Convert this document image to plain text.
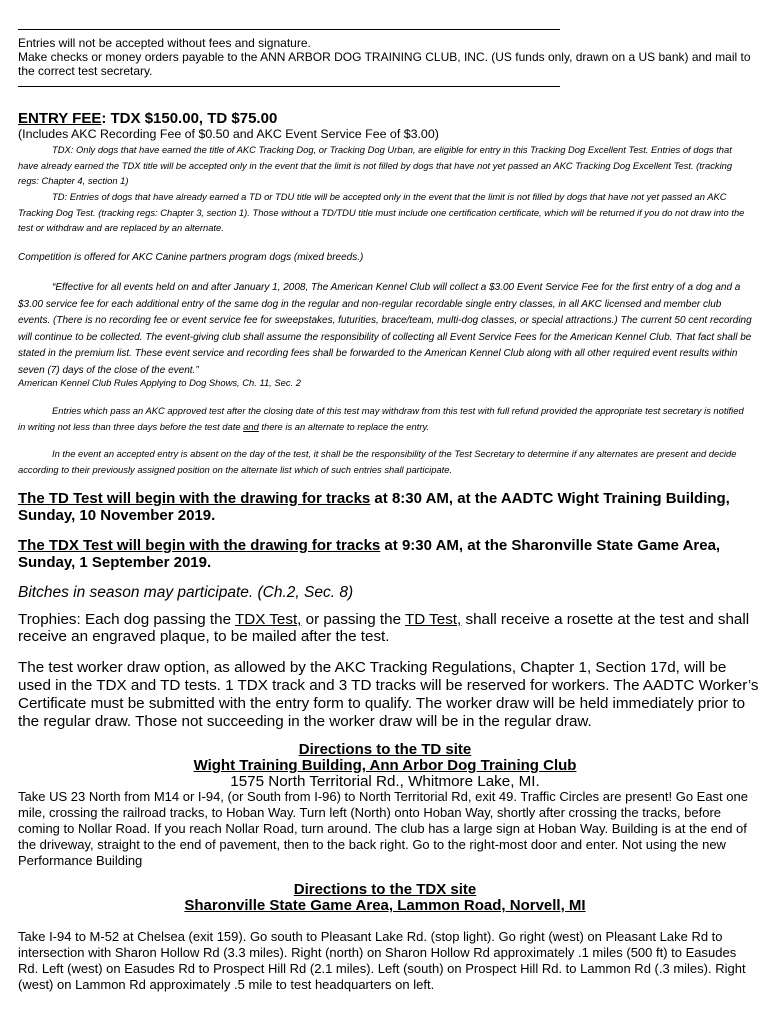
Entries will not be accepted without fees and signature.

Make checks or money orders payable to the ANN ARBOR DOG TRAINING CLUB, INC. (US funds only, drawn on a US bank) and mail to the correct test secretary.

ENTRY FEE: TDX $150.00, TD $75.00

(Includes AKC Recording Fee of $0.50 and AKC Event Service Fee of $3.00)

TDX: Only dogs that have earned the title of AKC Tracking Dog, or Tracking Dog Urban, are eligible for entry in this Tracking Dog Excellent Test. Entries of dogs that have already earned the TDX title will be accepted only in the event that the limit is not filled by dogs that have not yet passed an AKC Tracking Dog Excellent Test. (tracking regs: Chapter 4, section 1)

TD: Entries of dogs that have already earned a TD or TDU title will be accepted only in the event that the limit is not filled by dogs that have not yet passed an AKC Tracking Dog Test. (tracking regs: Chapter 3, section 1). Those without a TD/TDU title must include one certification certificate, which will be returned if you do not draw into the test or withdraw and are replaced by an alternate.

Competition is offered for AKC Canine partners program dogs (mixed breeds.)

“Effective for all events held on and after January 1, 2008, The American Kennel Club will collect a $3.00 Event Service Fee for the first entry of a dog and a $3.00 service fee for each additional entry of the same dog in the regular and non-regular recordable single entry classes, in all AKC licensed and member club events. (There is no recording fee or event service fee for sweepstakes, futurities, brace/team, multi-dog classes, or special attractions.) The current 50 cent recording will continue to be collected. The event-giving club shall assume the responsibility of collecting all Event Service Fees for the American Kennel Club. That fact shall be stated in the premium list. These event service and recording fees shall be forwarded to the American Kennel Club along with all other required event results within seven (7) days of the close of the event.”

American Kennel Club Rules Applying to Dog Shows, Ch. 11, Sec. 2

Entries which pass an AKC approved test after the closing date of this test may withdraw from this test with full refund provided the appropriate test secretary is notified in writing not less than three days before the test date and there is an alternate to replace the entry.

In the event an accepted entry is absent on the day of the test, it shall be the responsibility of the Test Secretary to determine if any alternates are present and decide according to their previously assigned position on the alternate list which of such entries shall participate.

The TD Test will begin with the drawing for tracks at 8:30 AM, at the AADTC Wight Training Building, Sunday, 10 November 2019.

The TDX Test will begin with the drawing for tracks at 9:30 AM, at the Sharonville State Game Area, Sunday, 1 September 2019.

Bitches in season may participate. (Ch.2, Sec. 8)

Trophies: Each dog passing the TDX Test, or passing the TD Test, shall receive a rosette at the test and shall receive an engraved plaque, to be mailed after the test.

The test worker draw option, as allowed by the AKC Tracking Regulations, Chapter 1, Section 17d, will be used in the TDX and TD tests. 1 TDX track and 3 TD tracks will be reserved for workers. The AADTC Worker’s Certificate must be submitted with the entry form to qualify. The worker draw will be held immediately prior to the regular draw. Those not succeeding in the worker draw will be in the regular draw.

Directions to the TD site

Wight Training Building, Ann Arbor Dog Training Club

1575 North Territorial Rd., Whitmore Lake, MI.

Take US 23 North from M14 or I-94, (or South from I-96) to North Territorial Rd, exit 49. Traffic Circles are present! Go East one mile, crossing the railroad tracks, to Hoban Way. Turn left (North) onto Hoban Way, shortly after crossing the tracks, before coming to Nollar Road. If you reach Nollar Road, turn around. The club has a large sign at Hoban Way. Building is at the end of the driveway, straight to the end of pavement, then to the back right. Go to the right-most door and enter. Not using the new Performance Building

Directions to the TDX site

Sharonville State Game Area, Lammon Road, Norvell, MI

Take I-94 to M-52 at Chelsea (exit 159). Go south to Pleasant Lake Rd. (stop light). Go right (west) on Pleasant Lake Rd to intersection with Sharon Hollow Rd (3.3 miles). Right (north) on Sharon Hollow Rd approximately .1 miles (500 ft) to Easudes Rd. Left (west) on Easudes Rd to Prospect Hill Rd (2.1 miles). Left (south) on Prospect Hill Rd. to Lammon Rd (.3 miles). Right (west) on Lammon Rd approximately .5 mile to test headquarters on left.
